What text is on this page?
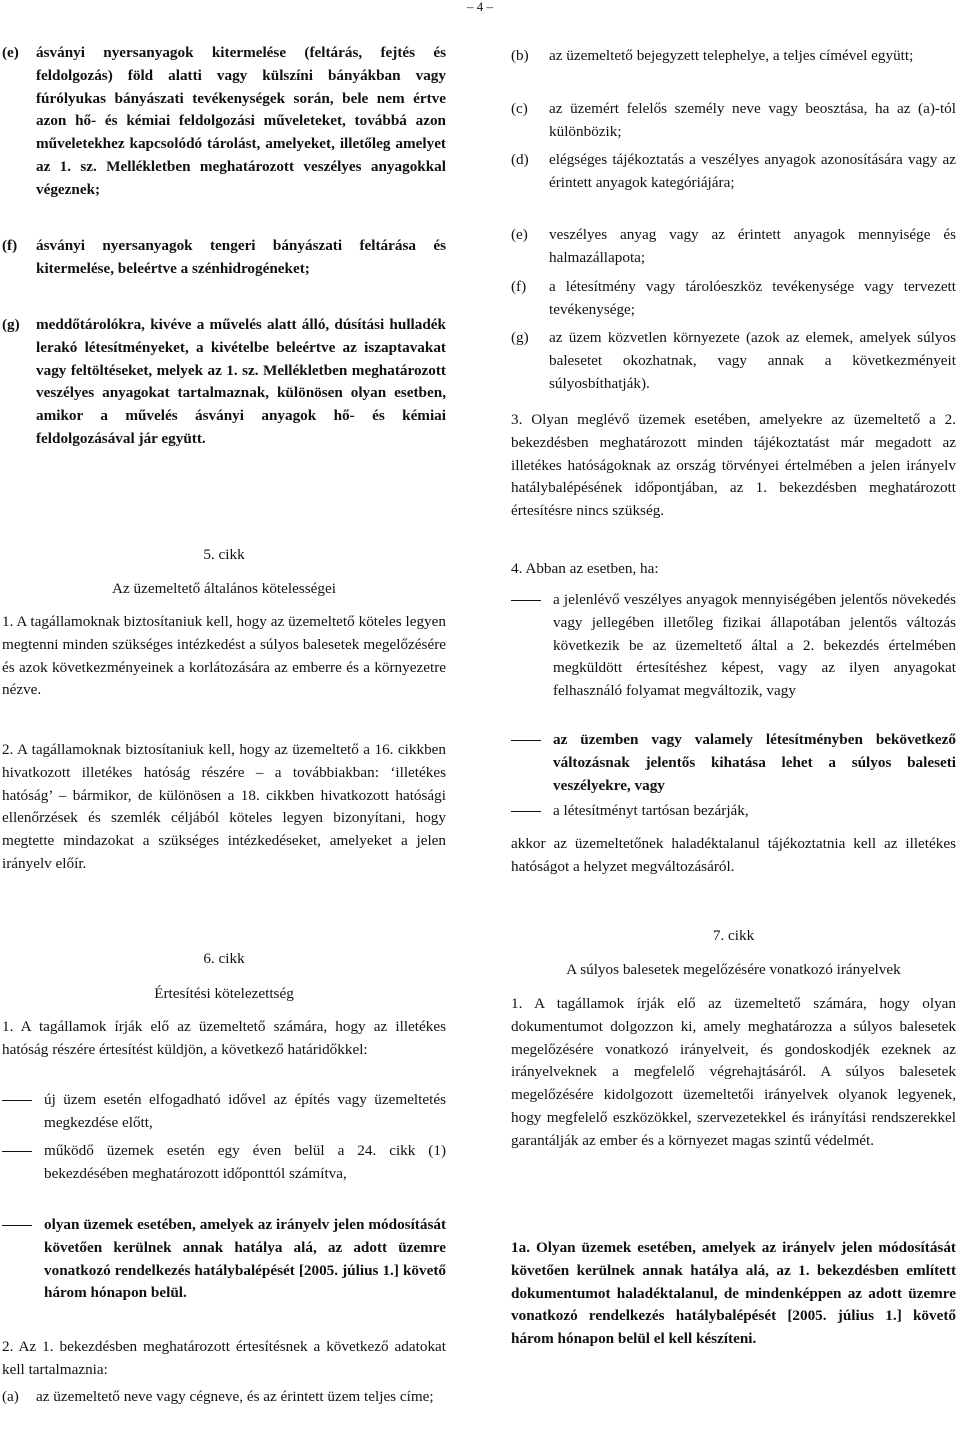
– 4 –
(e)	ásványi nyersanyagok kitermelése (feltárás, fejtés és feldolgozás) föld alatti vagy külszíni bányákban vagy fúrólyukas bányászati tevékenységek során, bele nem értve azon hő- és kémiai feldolgozási műveleteket, továbbá azon műveletekhez kapcsolódó tárolást, amelyeket, illetőleg amelyet az 1. sz. Mellékletben meghatározott veszélyes anyagokkal végeznek;
(f)	ásványi nyersanyagok tengeri bányászati feltárása és kitermelése, beleértve a szénhidrogéneket;
(g)	meddőtárolókra, kivéve a művelés alatt álló, dúsítási hulladék lerakó létesítményeket, a kivételbe beleértve az iszaptavakat vagy feltöltéseket, melyek az 1. sz. Mellékletben meghatározott veszélyes anyagokat tartalmaznak, különösen olyan esetben, amikor a művelés ásványi anyagok hő- és kémiai feldolgozásával jár együtt.
5. cikk
Az üzemeltető általános kötelességei
1. A tagállamoknak biztosítaniuk kell, hogy az üzemeltető köteles legyen megtenni minden szükséges intézkedést a súlyos balesetek megelőzésére és azok következményeinek a korlátozására az emberre és a környezetre nézve.
2. A tagállamoknak biztosítaniuk kell, hogy az üzemeltető a 16. cikkben hivatkozott illetékes hatóság részére – a továbbiakban: ‘illetékes hatóság’ – bármikor, de különösen a 18. cikkben hivatkozott hatósági ellenőrzések és szemlék céljából köteles legyen bizonyítani, hogy megtette mindazokat a szükséges intézkedéseket, amelyeket a jelen irányelv előír.
6. cikk
Értesítési kötelezettség
1. A tagállamok írják elő az üzemeltető számára, hogy az illetékes hatóság részére értesítést küldjön, a következő határidőkkel:
új üzem esetén elfogadható idővel az építés vagy üzemeltetés megkezdése előtt,
működő üzemek esetén egy éven belül a 24. cikk (1) bekezdésében meghatározott időponttól számítva,
olyan üzemek esetében, amelyek az irányelv jelen módosítását követően kerülnek annak hatálya alá, az adott üzemre vonatkozó rendelkezés hatálybalépését [2005. július 1.] követő három hónapon belül.
2. Az 1. bekezdésben meghatározott értesítésnek a következő adatokat kell tartalmaznia:
(a)	az üzemeltető neve vagy cégneve, és az érintett üzem teljes címe;
(b)	az üzemeltető bejegyzett telephelye, a teljes címével együtt;
(c)	az üzemért felelős személy neve vagy beosztása, ha az (a)-tól különbözik;
(d)	elégséges tájékoztatás a veszélyes anyagok azonosítására vagy az érintett anyagok kategóriájára;
(e)	veszélyes anyag vagy az érintett anyagok mennyisége és halmazállapota;
(f)	a létesítmény vagy tárolóeszköz tevékenysége vagy tervezett tevékenysége;
(g)	az üzem közvetlen környezete (azok az elemek, amelyek súlyos balesetet okozhatnak, vagy annak a következményeit súlyosbíthatják).
3. Olyan meglévő üzemek esetében, amelyekre az üzemeltető a 2. bekezdésben meghatározott minden tájékoztatást már megadott az illetékes hatóságoknak az ország törvényei értelmében a jelen irányelv hatálybalépésének időpontjában, az 1. bekezdésben meghatározott értesítésre nincs szükség.
4. Abban az esetben, ha:
a jelenlévő veszélyes anyagok mennyiségében jelentős növekedés vagy jellegében illetőleg fizikai állapotában jelentős változás következik be az üzemeltető által a 2. bekezdés értelmében megküldött értesítéshez képest, vagy az ilyen anyagokat felhasználó folyamat megváltozik, vagy
az üzemben vagy valamely létesítményben bekövetkező változásnak jelentős kihatása lehet a súlyos baleseti veszélyekre, vagy
a létesítményt tartósan bezárják,
akkor az üzemeltetőnek haladéktalanul tájékoztatnia kell az illetékes hatóságot a helyzet megváltozásáról.
7. cikk
A súlyos balesetek megelőzésére vonatkozó irányelvek
1. A tagállamok írják elő az üzemeltető számára, hogy olyan dokumentumot dolgozzon ki, amely meghatározza a súlyos balesetek megelőzésére vonatkozó irányelveit, és gondoskodjék ezeknek az irányelveknek a megfelelő végrehajtásáról. A súlyos balesetek megelőzésére kidolgozott üzemeltetői irányelvek olyanok legyenek, hogy megfelelő eszközökkel, szervezetekkel és irányítási rendszerekkel garantálják az ember és a környezet magas szintű védelmét.
1a. Olyan üzemek esetében, amelyek az irányelv jelen módosítását követően kerülnek annak hatálya alá, az 1. bekezdésben említett dokumentumot haladéktalanul, de mindenképpen az adott üzemre vonatkozó rendelkezés hatálybalépését [2005. július 1.] követő három hónapon belül el kell készíteni.
